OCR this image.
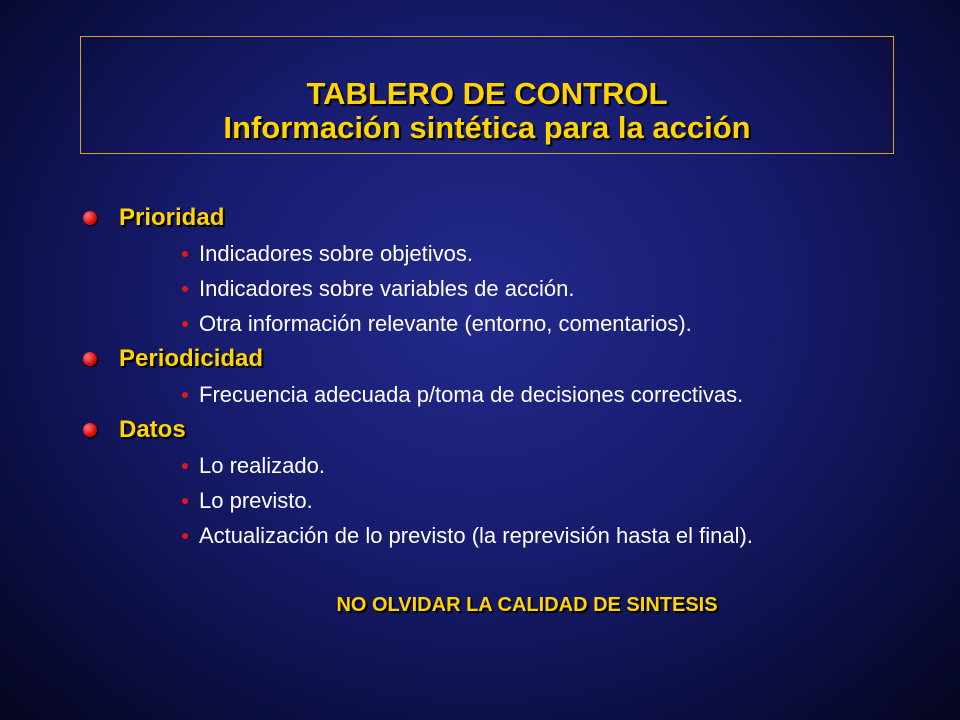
TABLERO DE CONTROL
Información sintética para la acción
Prioridad
Indicadores sobre objetivos.
Indicadores sobre variables de acción.
Otra información relevante (entorno, comentarios).
Periodicidad
Frecuencia adecuada p/toma de decisiones correctivas.
Datos
Lo realizado.
Lo previsto.
Actualización de lo previsto (la reprevisión hasta el final).
NO OLVIDAR LA CALIDAD DE SINTESIS
